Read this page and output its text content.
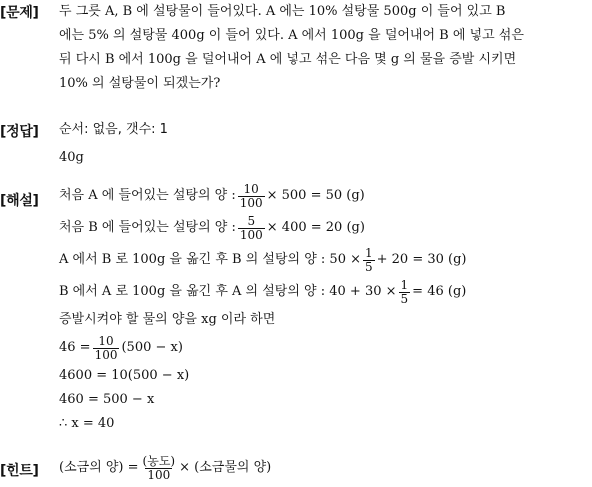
[문제] 두 그릇 A, B 에 설탕물이 들어있다. A 에는 10% 설탕물 500g 이 들어 있고 B
에는 5% 의 설탕물 400g 이 들어 있다. A 에서 100g 을 덜어내어 B 에 넣고 섞은
뒤 다시 B 에서 100g 을 덜어내어 A 에 넣고 섞은 다음 몇 g 의 물을 증발 시키면
10% 의 설탕물이 되겠는가?
[정답] 순서: 없음, 갯수: 1
40g
[해설] 처음 A 에 들어있는 설탕의 양 : $\frac{10}{100} \times 500 = 50$ (g)
처음 B 에 들어있는 설탕의 양 : $\frac{5}{100} \times 400 = 20$ (g)
A 에서 B 로 100g 을 옮긴 후 B 의 설탕의 양 : $50 \times \frac{1}{5} + 20 = 30$ (g)
B 에서 A 로 100g 을 옮긴 후 A 의 설탕의 양 : $40 + 30 \times \frac{1}{5} = 46$ (g)
증발시켜야 할 물의 양을 xg 이라 하면
$46 = \frac{10}{100} (500 - x)$
4600 = 10(500 − x)
460 = 500 − x
∴ x = 40
[힌트] (소금의 양) = $\frac{\text{(농도)}}{100}$ × (소금물의 양)
